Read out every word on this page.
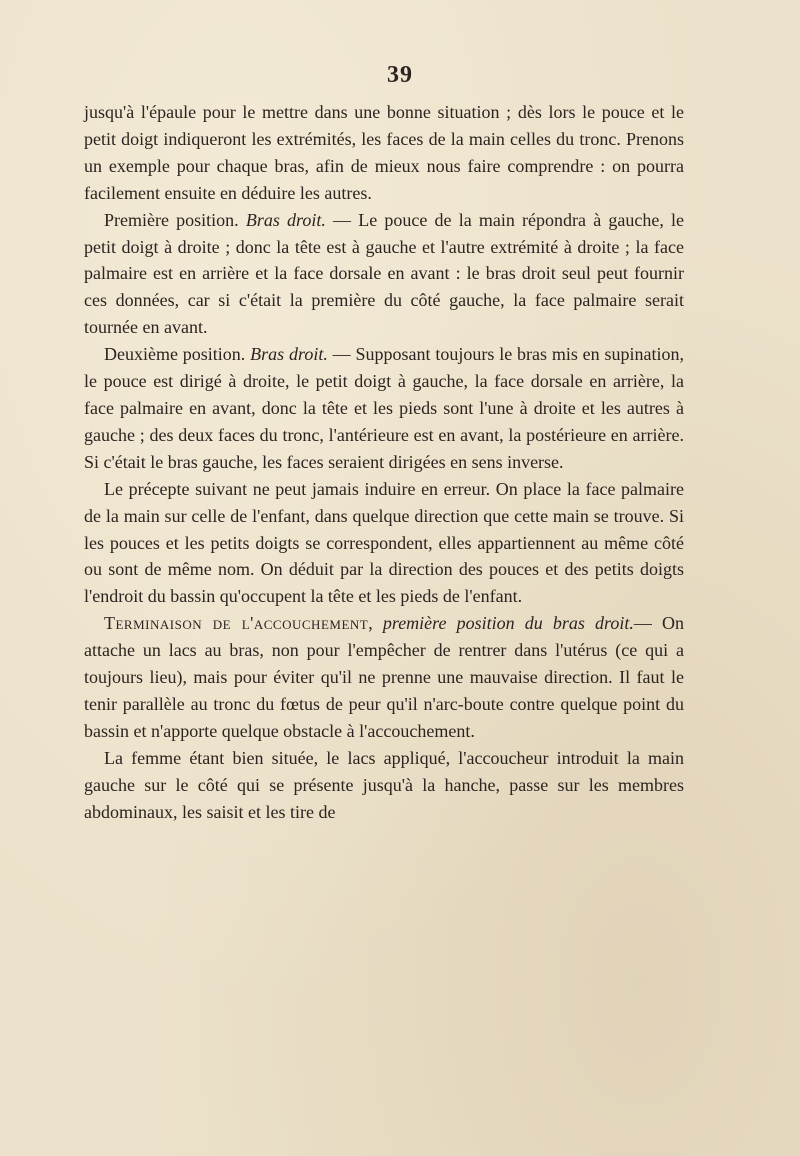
39

jusqu'à l'épaule pour le mettre dans une bonne situation ; dès lors le pouce et le petit doigt indiqueront les extrémités, les faces de la main celles du tronc. Prenons un exemple pour chaque bras, afin de mieux nous faire comprendre : on pourra facilement ensuite en déduire les autres.

Première position. Bras droit. — Le pouce de la main répondra à gauche, le petit doigt à droite ; donc la tête est à gauche et l'autre extrémité à droite ; la face palmaire est en arrière et la face dorsale en avant : le bras droit seul peut fournir ces données, car si c'était la première du côté gauche, la face palmaire serait tournée en avant.

Deuxième position. Bras droit. — Supposant toujours le bras mis en supination, le pouce est dirigé à droite, le petit doigt à gauche, la face dorsale en arrière, la face palmaire en avant, donc la tête et les pieds sont l'une à droite et les autres à gauche ; des deux faces du tronc, l'antérieure est en avant, la postérieure en arrière. Si c'était le bras gauche, les faces seraient dirigées en sens inverse.

Le précepte suivant ne peut jamais induire en erreur. On place la face palmaire de la main sur celle de l'enfant, dans quelque direction que cette main se trouve. Si les pouces et les petits doigts se correspondent, elles appartiennent au même côté ou sont de même nom. On déduit par la direction des pouces et des petits doigts l'endroit du bassin qu'occupent la tête et les pieds de l'enfant.

Terminaison de l'accouchement, première position du bras droit.— On attache un lacs au bras, non pour l'empêcher de rentrer dans l'utérus (ce qui a toujours lieu), mais pour éviter qu'il ne prenne une mauvaise direction. Il faut le tenir parallèle au tronc du fœtus de peur qu'il n'arc-boute contre quelque point du bassin et n'apporte quelque obstacle à l'accouchement.

La femme étant bien située, le lacs appliqué, l'accoucheur introduit la main gauche sur le côté qui se présente jusqu'à la hanche, passe sur les membres abdominaux, les saisit et les tire de
